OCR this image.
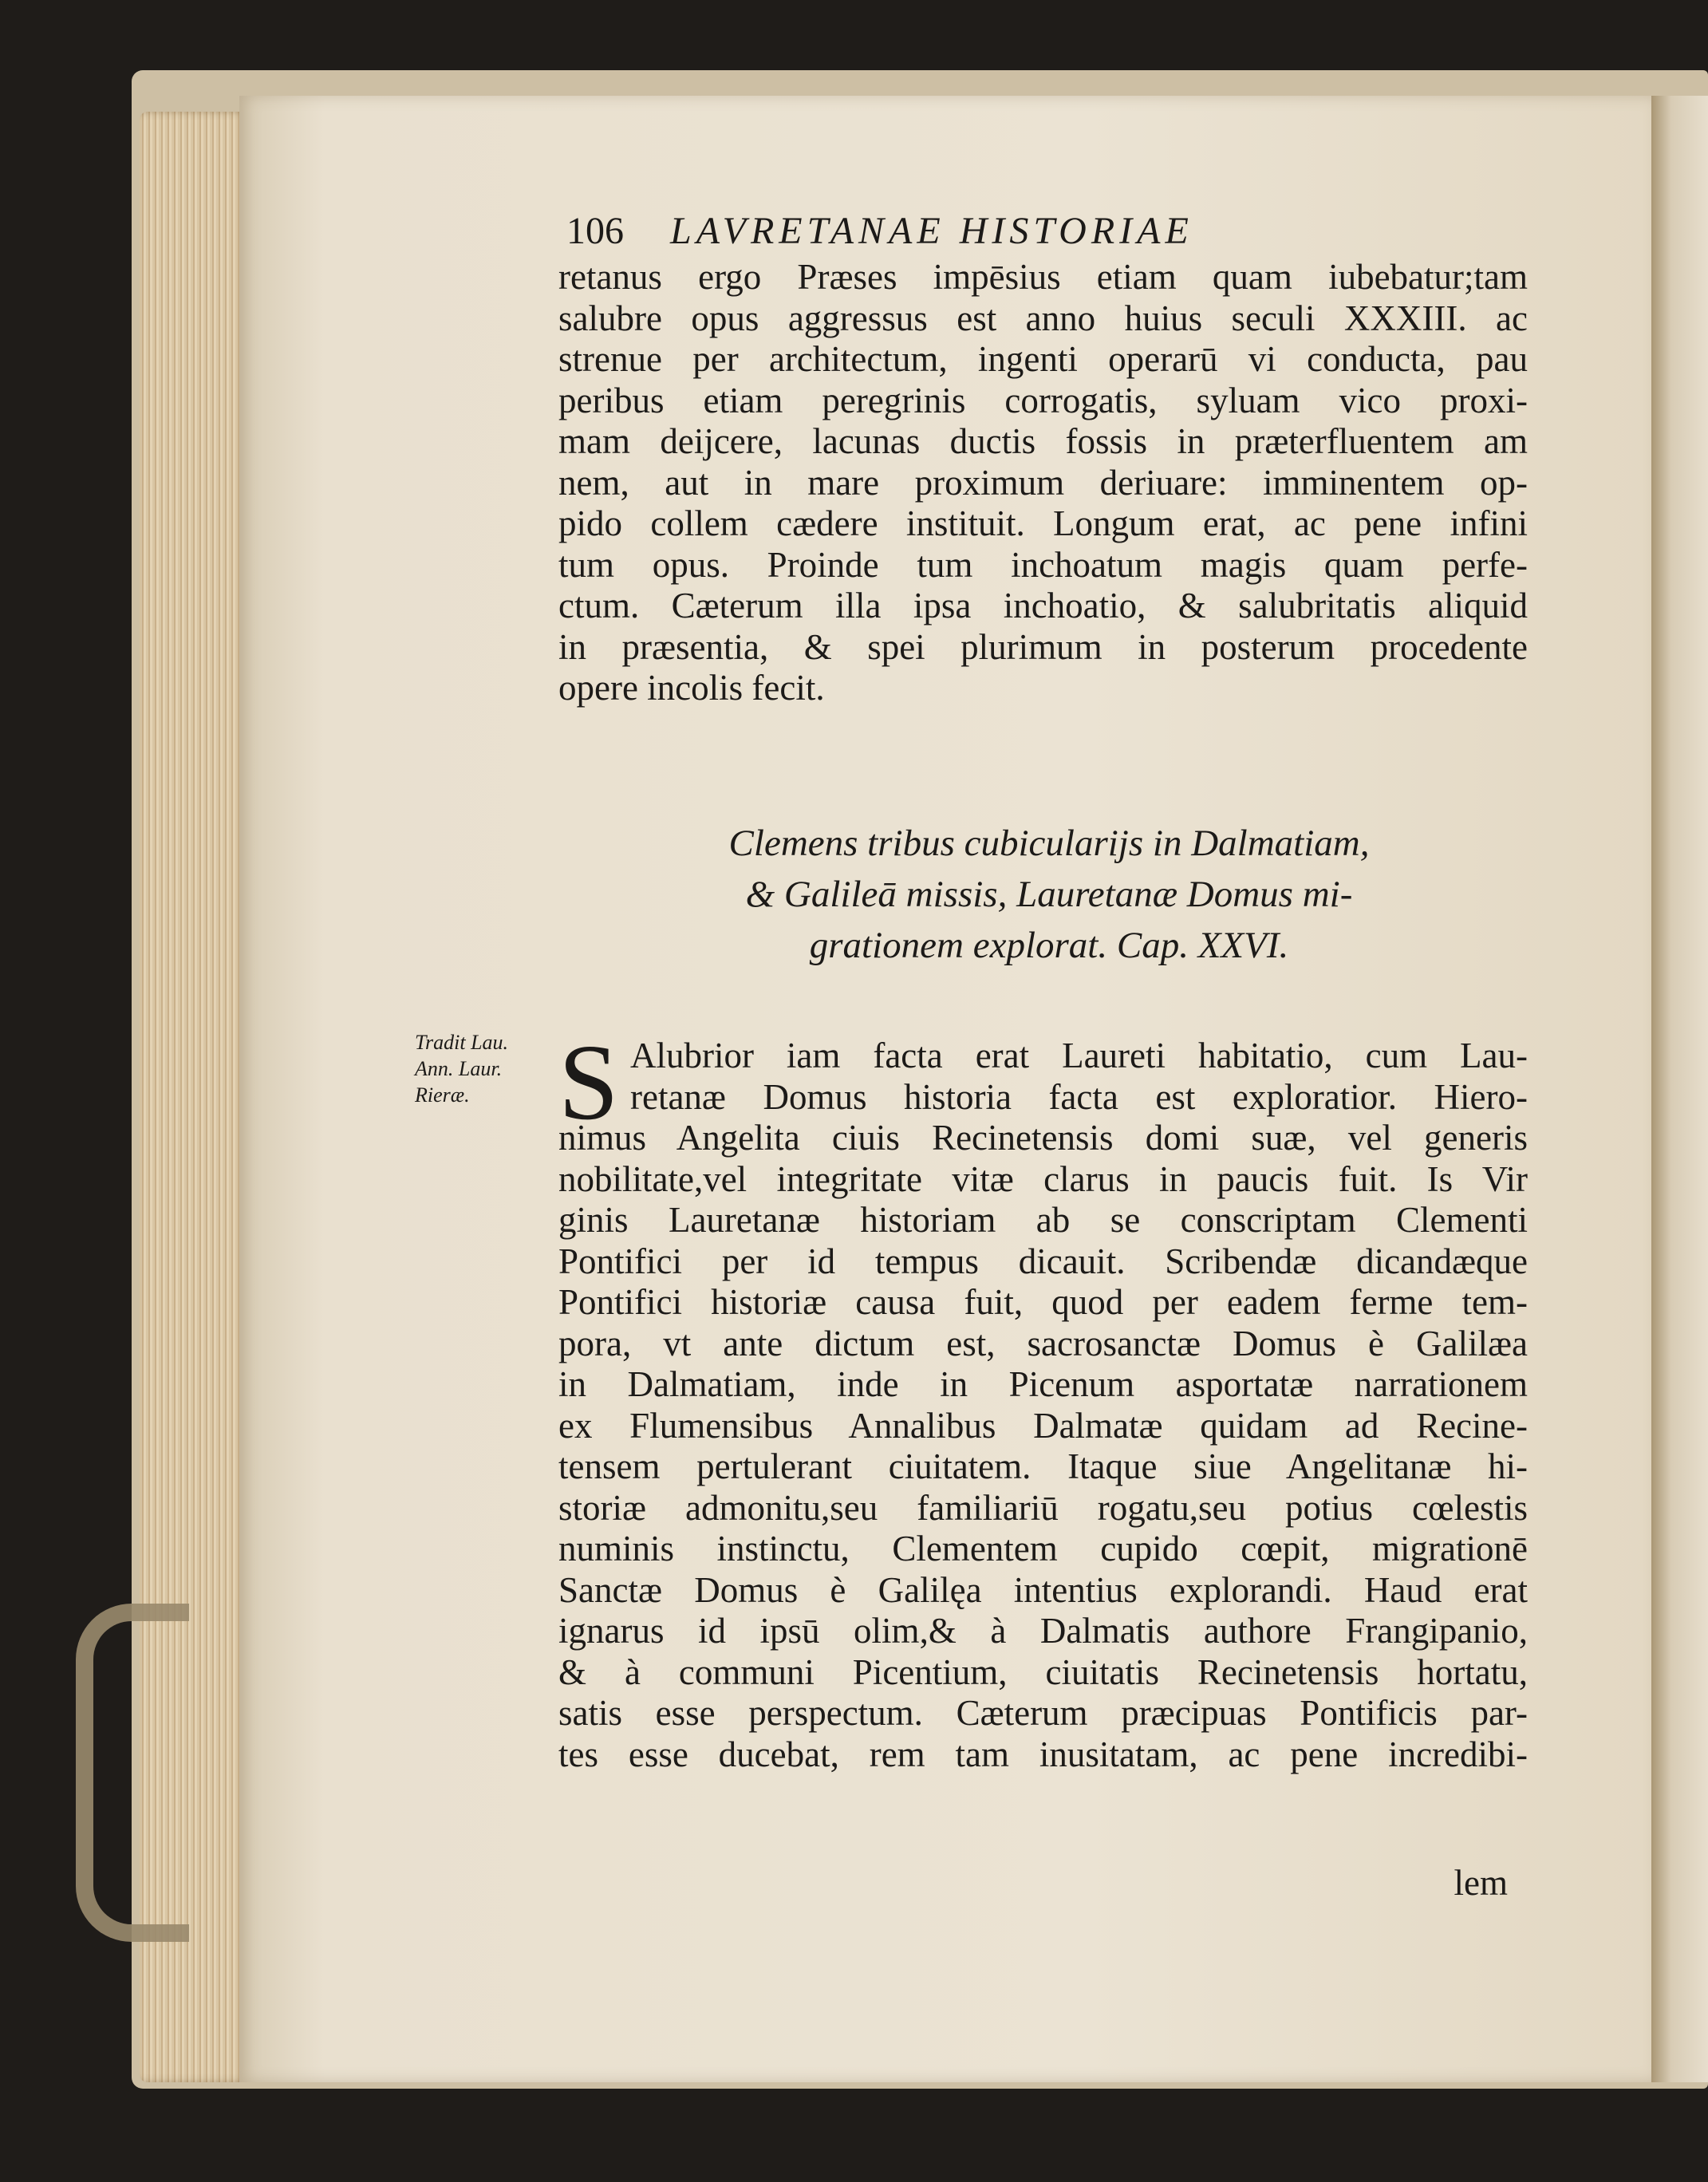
106 LAVRETANAE HISTORIAE
retanus ergo Præses impēsius etiam quam iubebatur;tam
salubre opus aggressus est anno huius seculi XXXIII. ac
strenue per architectum, ingenti operarū vi conducta, pau
peribus etiam peregrinis corrogatis, syluam vico proxi-
mam deijcere, lacunas ductis fossis in præterfluentem am
nem, aut in mare proximum deriuare: imminentem op-
pido collem cædere instituit. Longum erat, ac pene infini
tum opus. Proinde tum inchoatum magis quam perfe-
ctum. Cæterum illa ipsa inchoatio, & salubritatis aliquid
in præsentia, & spei plurimum in posterum procedente
opere incolis fecit.
Clemens tribus cubicularijs in Dalmatiam,
& Galileā missis, Lauretanæ Domus mi-
grationem explorat. Cap. XXVI.
Tradit Lau.
Ann. Laur.
Rieræ. S Alubrior iam facta erat Laureti habitatio, cum Lau-
retanæ Domus historia facta est exploratior. Hiero-
nimus Angelita ciuis Recinetensis domi suæ, vel generis
nobilitate,vel integritate vitæ clarus in paucis fuit. Is Vir
ginis Lauretanæ historiam ab se conscriptam Clementi
Pontifici per id tempus dicauit. Scribendæ dicandæque
Pontifici historiæ causa fuit, quod per eadem ferme tem-
pora, vt ante dictum est, sacrosanctæ Domus è Galilæa
in Dalmatiam, inde in Picenum asportatæ narrationem
ex Flumensibus Annalibus Dalmatæ quidam ad Recine-
tensem pertulerant ciuitatem. Itaque siue Angelitanæ hi-
storiæ admonitu,seu familiariū rogatu,seu potius cœlestis
numinis instinctu, Clementem cupido cœpit, migrationē
Sanctæ Domus è Galilęa intentius explorandi. Haud erat
ignarus id ipsū olim,& à Dalmatis authore Frangipanio,
& à communi Picentium, ciuitatis Recinetensis hortatu,
satis esse perspectum. Cæterum præcipuas Pontificis par-
tes esse ducebat, rem tam inusitatam, ac pene incredibi-
lem
